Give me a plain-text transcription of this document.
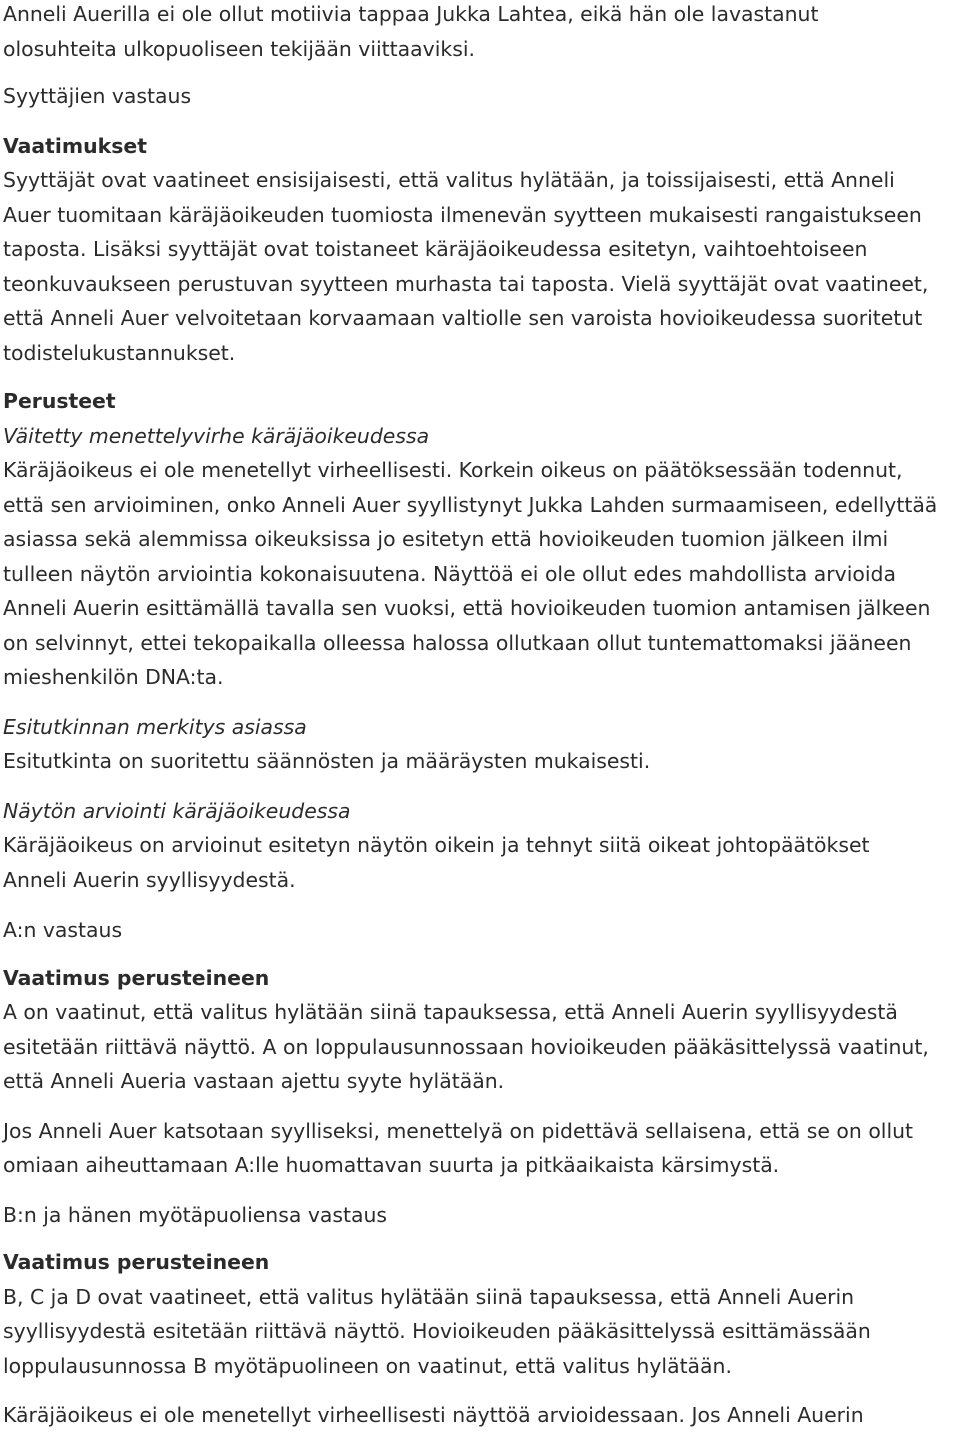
Anneli Auerilla ei ole ollut motiivia tappaa Jukka Lahtea, eikä hän ole lavastanut
olosuhteita ulkopuoliseen tekijään viittaaviksi.

Syyttäjien vastaus

Vaatimukset

Syyttäjät ovat vaatineet ensisijaisesti, että valitus hylätään, ja toissijaisesti, että Anneli
Auer tuomitaan käräjäoikeuden tuomiosta ilmenevän syytteen mukaisesti rangaistukseen
taposta. Lisäksi syyttäjät ovat toistaneet käräjäoikeudessa esitetyn, vaihtoehtoiseen
teonkuvaukseen perustuvan syytteen murhasta tai taposta. Vielä syyttäjät ovat vaatineet,
että Anneli Auer velvoitetaan korvaamaan valtiolle sen varoista hovioikeudessa suoritetut
todistelukustannukset.

Perusteet

Väitetty menettelyvirhe käräjäoikeudessa

Käräjäoikeus ei ole menetellyt virheellisesti. Korkein oikeus on päätöksessään todennut,
että sen arvioiminen, onko Anneli Auer syyllistynyt Jukka Lahden surmaamiseen, edellyttää
asiassa sekä alemmissa oikeuksissa jo esitetyn että hovioikeuden tuomion jälkeen ilmi
tulleen näytön arviointia kokonaisuutena. Näyttöä ei ole ollut edes mahdollista arvioida
Anneli Auerin esittämällä tavalla sen vuoksi, että hovioikeuden tuomion antamisen jälkeen
on selvinnyt, ettei tekopaikalla olleessa halossa ollutkaan ollut tuntemattomaksi jääneen
mieshenkilön DNA:ta.

Esitutkinnan merkitys asiassa

Esitutkinta on suoritettu säännösten ja määräysten mukaisesti.

Näytön arviointi käräjäoikeudessa

Käräjäoikeus on arvioinut esitetyn näytön oikein ja tehnyt siitä oikeat johtopäätökset
Anneli Auerin syyllisyydestä.

A:n vastaus

Vaatimus perusteineen

A on vaatinut, että valitus hylätään siinä tapauksessa, että Anneli Auerin syyllisyydestä
esitetään riittävä näyttö. A on loppulausunnossaan hovioikeuden pääkäsittelyssä vaatinut,
että Anneli Aueria vastaan ajettu syyte hylätään.

Jos Anneli Auer katsotaan syylliseksi, menettelyä on pidettävä sellaisena, että se on ollut
omiaan aiheuttamaan A:lle huomattavan suurta ja pitkäaikaista kärsimystä.

B:n ja hänen myötäpuoliensa vastaus

Vaatimus perusteineen

B, C ja D ovat vaatineet, että valitus hylätään siinä tapauksessa, että Anneli Auerin
syyllisyydestä esitetään riittävä näyttö. Hovioikeuden pääkäsittelyssä esittämässään
loppulausunnossa B myötäpuolineen on vaatinut, että valitus hylätään.

Käräjäoikeus ei ole menetellyt virheellisesti näyttöä arvioidessaan. Jos Anneli Auerin
